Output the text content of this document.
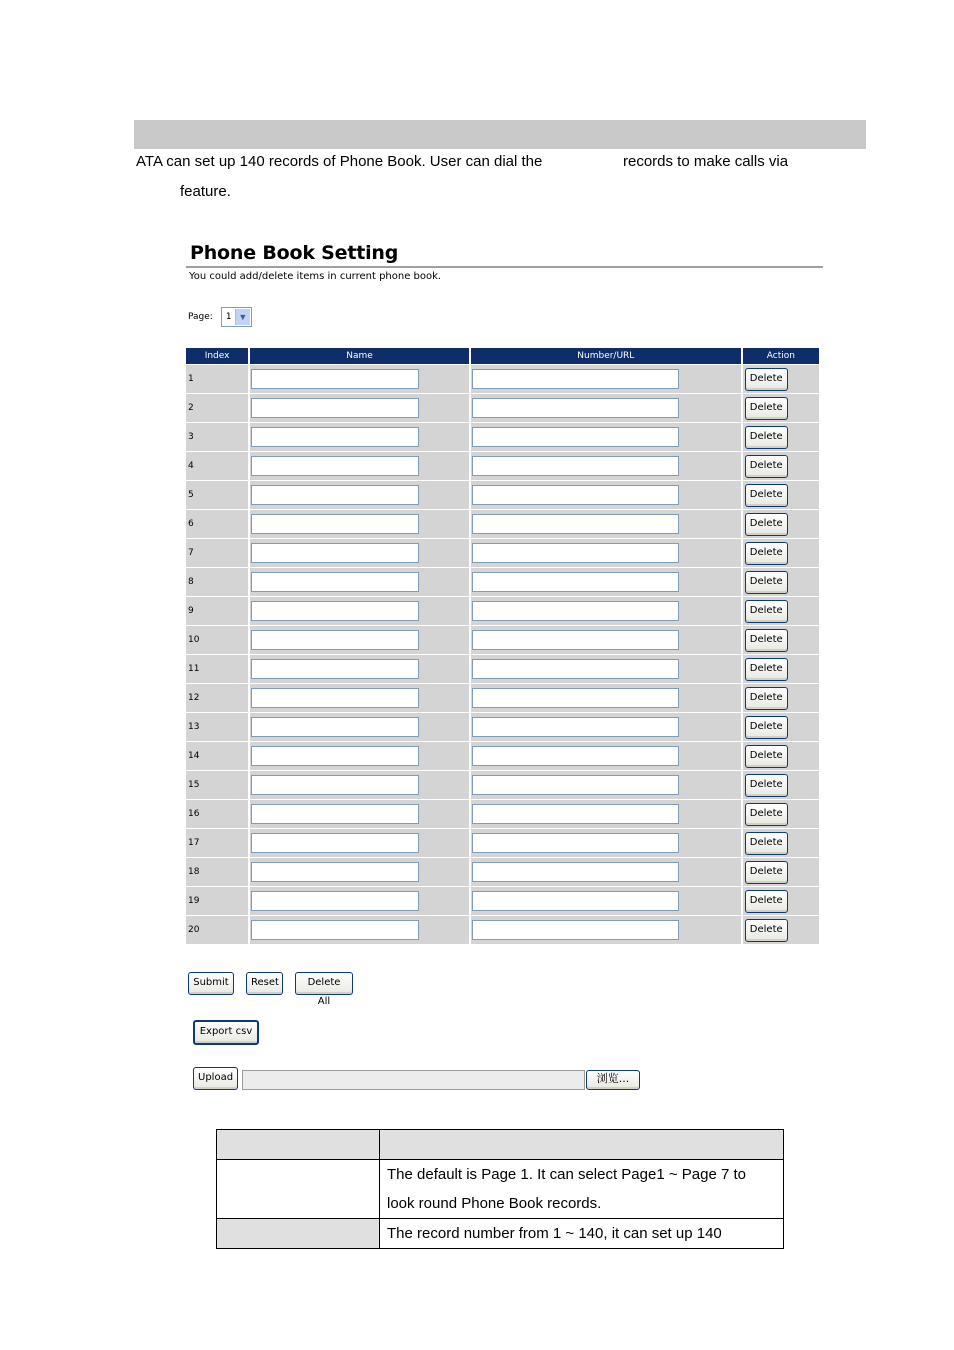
ATA can set up 140 records of Phone Book. User can dial the	records to make calls via
feature.
Phone Book Setting
You could add/delete items in current phone book.
Page:	1 ▼
Index	Name	Number/URL	Action
1			Delete
2			Delete
3			Delete
4			Delete
5			Delete
6			Delete
7			Delete
8			Delete
9			Delete
10			Delete
11			Delete
12			Delete
13			Delete
14			Delete
15			Delete
16			Delete
17			Delete
18			Delete
19			Delete
20			Delete
Submit	Reset	Delete All
Export csv
Upload	浏览...

	The default is Page 1. It can select Page1 ~ Page 7 to look round Phone Book records.
	The record number from 1 ~ 140, it can set up 140
